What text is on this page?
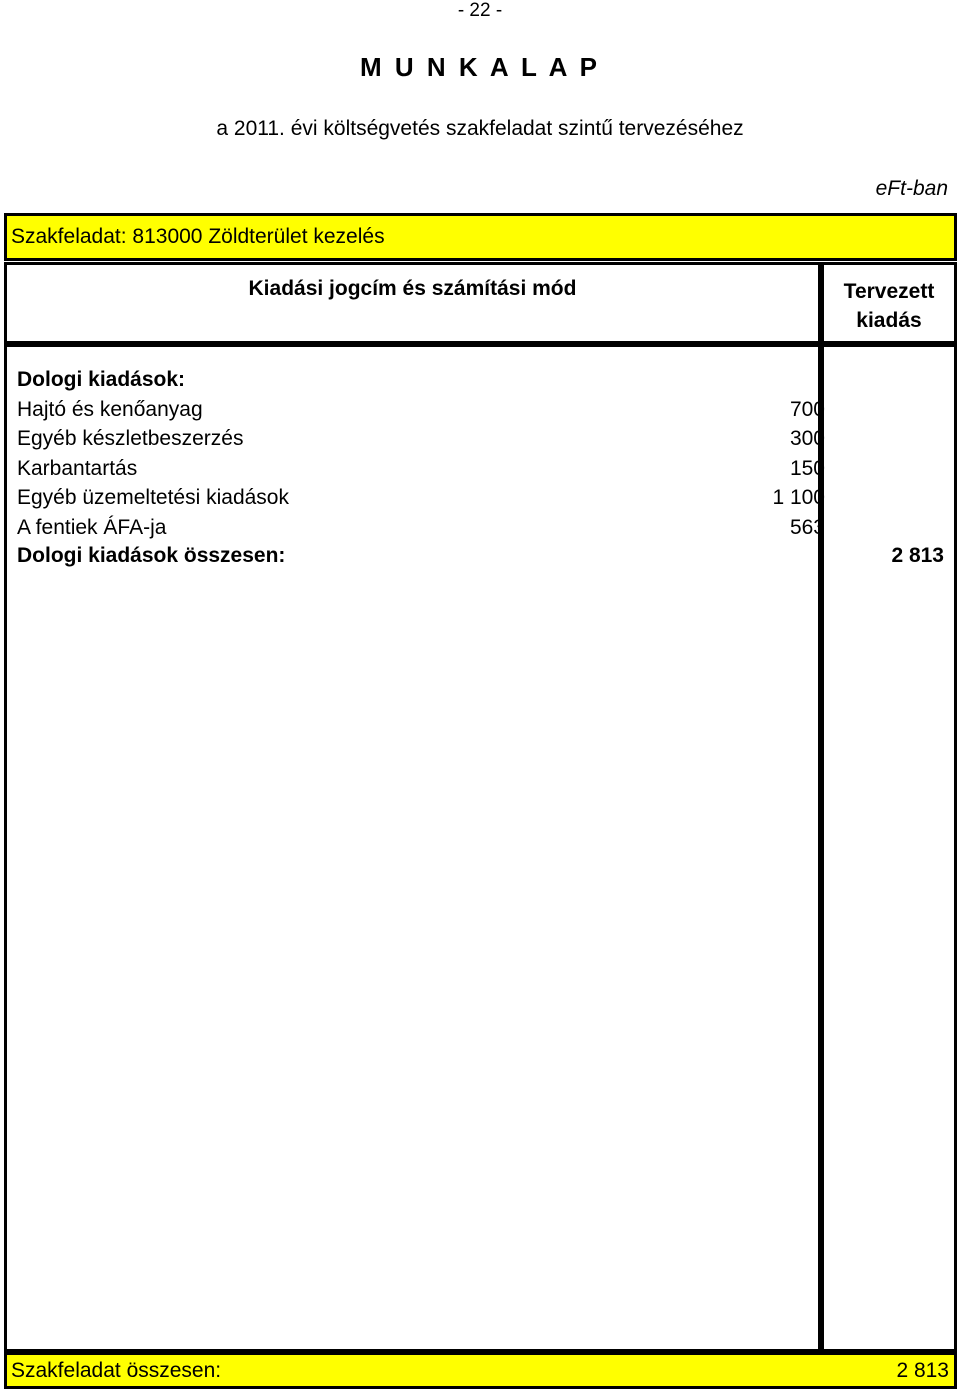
- 22 -
M U N K A L A P
a 2011. évi költségvetés szakfeladat szintű tervezéséhez
eFt-ban
Szakfeladat: 813000 Zöldterület kezelés
Kiadási jogcím és számítási mód	Tervezett
kiadás
Dologi kiadások:
Hajtó és kenőanyag	700
Egyéb készletbeszerzés	300
Karbantartás	150
Egyéb üzemeltetési kiadások	1 100
A fentiek ÁFA-ja	563
Dologi kiadások összesen:	2 813
Szakfeladat összesen:	2 813
